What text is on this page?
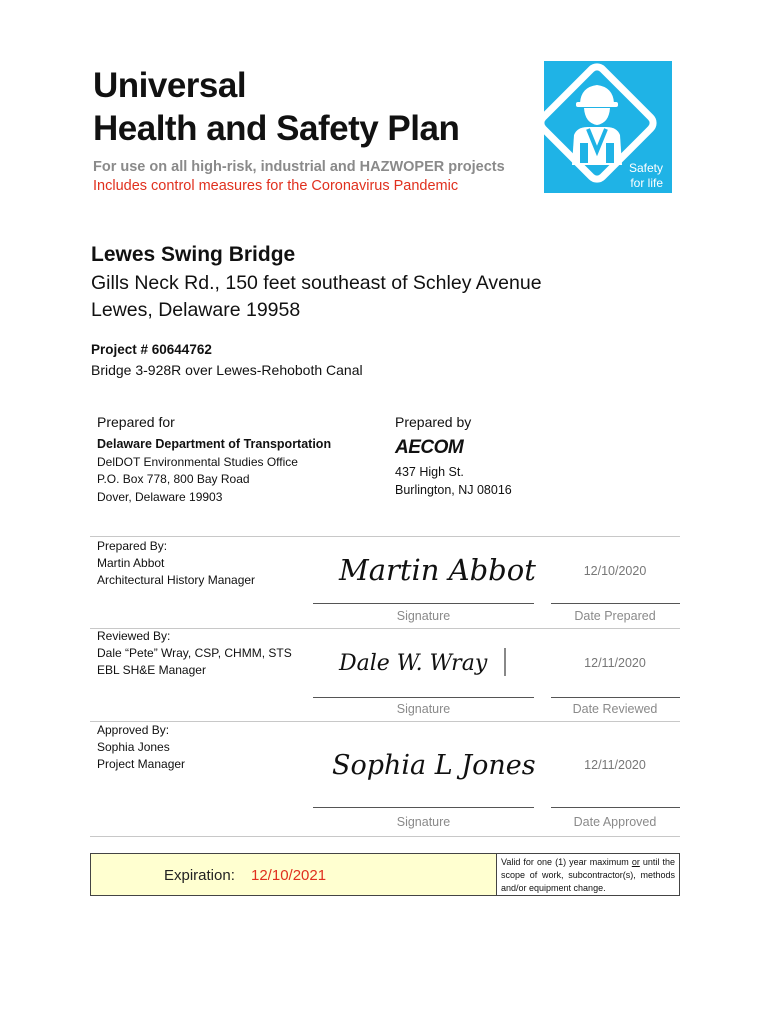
Universal
Health and Safety Plan
For use on all high-risk, industrial and HAZWOPER projects
Includes control measures for the Coronavirus Pandemic
Safety
for life
Lewes Swing Bridge
Gills Neck Rd., 150 feet southeast of Schley Avenue
Lewes, Delaware 19958
Project # 60644762
Bridge 3-928R over Lewes-Rehoboth Canal
Prepared for
Delaware Department of Transportation
DelDOT Environmental Studies Office
P.O. Box 778, 800 Bay Road
Dover, Delaware 19903
Prepared by
AECOM
437 High St.
Burlington, NJ 08016
Prepared By:
Martin Abbot
Architectural History Manager	Martin Abbot	12/10/2020
Signature	Date Prepared
Reviewed By:
Dale “Pete” Wray, CSP, CHMM, STS
EBL SH&E Manager	Dale W. Wray	12/11/2020
Signature	Date Reviewed
Approved By:
Sophia Jones
Project Manager	Sophia L Jones	12/11/2020
Signature	Date Approved
Expiration: 12/10/2021
Valid for one (1) year maximum or until the scope of work, subcontractor(s), methods and/or equipment change.
